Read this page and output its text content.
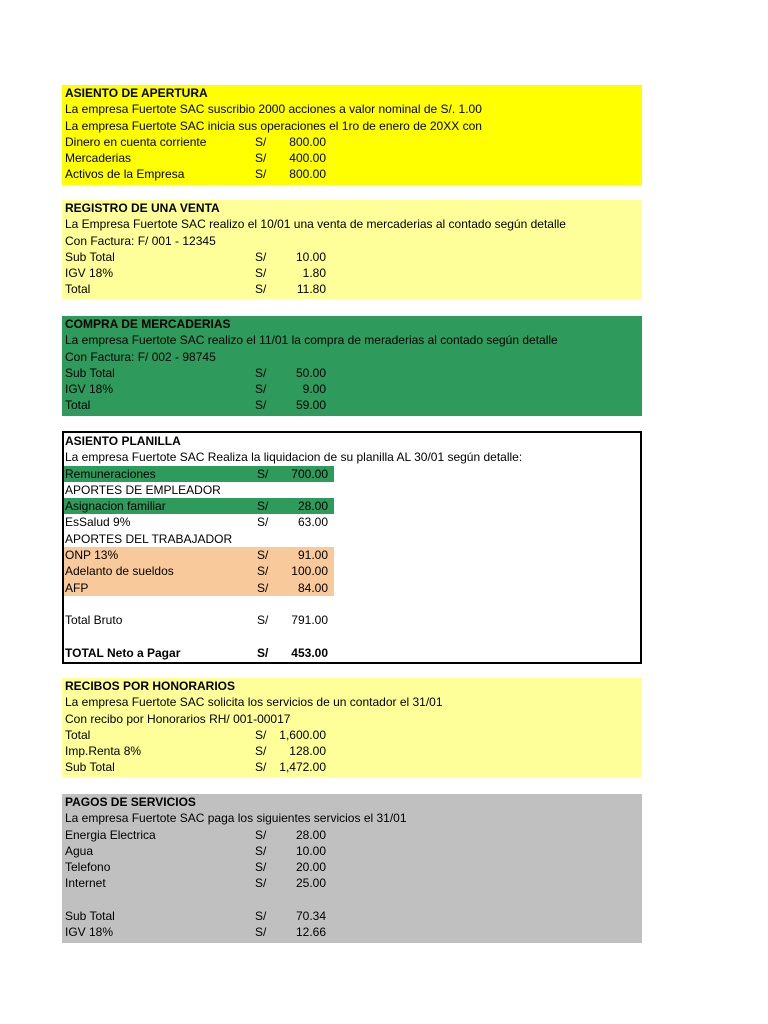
ASIENTO DE APERTURA
La empresa Fuertote SAC suscribio 2000 acciones a valor nominal de S/. 1.00
La empresa Fuertote SAC inicia sus operaciones el 1ro de enero de 20XX con
Dinero en cuenta corriente	S/	800.00
Mercaderias	S/	400.00
Activos de la Empresa	S/	800.00
REGISTRO DE UNA VENTA
La Empresa Fuertote SAC realizo el 10/01 una venta de mercaderias al contado según detalle
Con Factura: F/ 001 - 12345
Sub Total	S/	10.00
IGV 18%	S/	1.80
Total	S/	11.80
COMPRA DE MERCADERIAS
La empresa Fuertote SAC realizo el 11/01 la compra de meraderias al contado según detalle
Con Factura: F/ 002 - 98745
Sub Total	S/	50.00
IGV 18%	S/	9.00
Total	S/	59.00
ASIENTO PLANILLA
La empresa Fuertote SAC Realiza la liquidacion de su planilla AL 30/01 según detalle:
Remuneraciones	S/	700.00
APORTES DE EMPLEADOR
Asignacion familiar	S/	28.00
EsSalud 9%	S/	63.00
APORTES DEL TRABAJADOR
ONP 13%	S/	91.00
Adelanto de sueldos	S/	100.00
AFP	S/	84.00
Total Bruto	S/	791.00
TOTAL Neto a Pagar	S/	453.00
RECIBOS POR HONORARIOS
La empresa Fuertote SAC solicita los servicios de un contador el 31/01
Con recibo por Honorarios RH/ 001-00017
Total	S/	1,600.00
Imp.Renta 8%	S/	128.00
Sub Total	S/	1,472.00
PAGOS DE SERVICIOS
La empresa Fuertote SAC paga los siguientes servicios el 31/01
Energia Electrica	S/	28.00
Agua	S/	10.00
Telefono	S/	20.00
Internet	S/	25.00
Sub Total	S/	70.34
IGV 18%	S/	12.66
